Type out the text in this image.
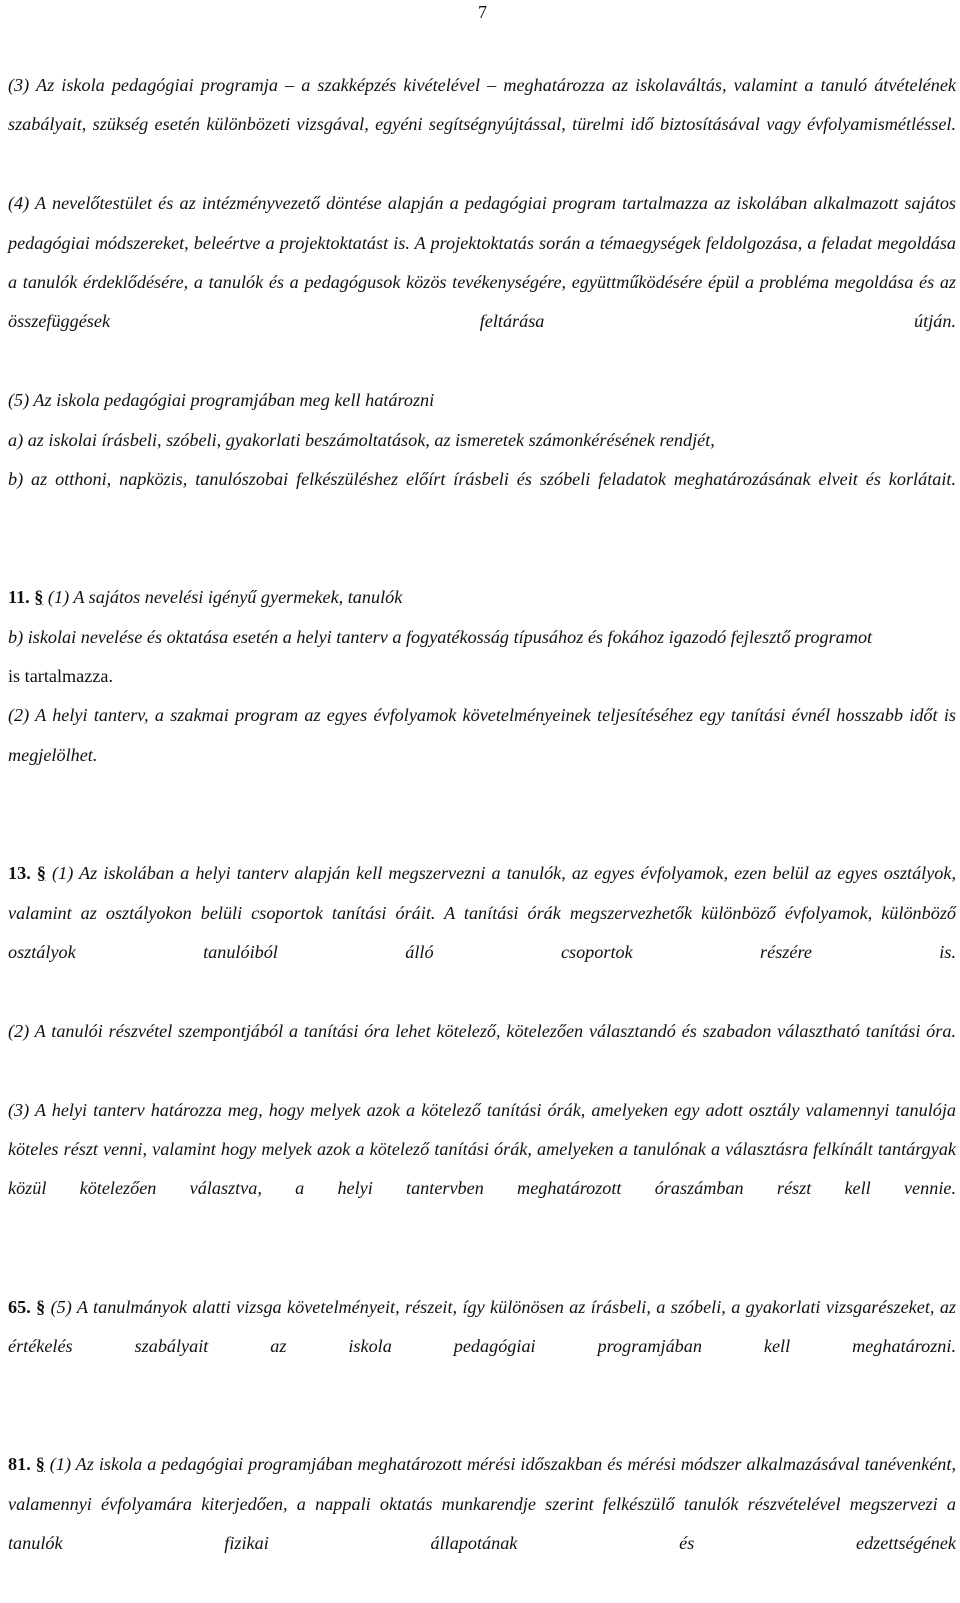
7

(3) Az iskola pedagógiai programja – a szakképzés kivételével – meghatározza az iskolaváltás, valamint a tanuló átvételének szabályait, szükség esetén különbözeti vizsgával, egyéni segítségnyújtással, türelmi idő biztosításával vagy évfolyamismétléssel.

(4) A nevelőtestület és az intézményvezető döntése alapján a pedagógiai program tartalmazza az iskolában alkalmazott sajátos pedagógiai módszereket, beleértve a projektoktatást is. A projektoktatás során a témaegységek feldolgozása, a feladat megoldása a tanulók érdeklődésére, a tanulók és a pedagógusok közös tevékenységére, együttműködésére épül a probléma megoldása és az összefüggések feltárása útján.

(5) Az iskola pedagógiai programjában meg kell határozni

a) az iskolai írásbeli, szóbeli, gyakorlati beszámoltatások, az ismeretek számonkérésének rendjét,

b) az otthoni, napközis, tanulószobai felkészüléshez előírt írásbeli és szóbeli feladatok meghatározásának elveit és korlátait.

11. § (1) A sajátos nevelési igényű gyermekek, tanulók

b) iskolai nevelése és oktatása esetén a helyi tanterv a fogyatékosság típusához és fokához igazodó fejlesztő programot

is tartalmazza.

(2) A helyi tanterv, a szakmai program az egyes évfolyamok követelményeinek teljesítéséhez egy tanítási évnél hosszabb időt is megjelölhet.

13. § (1) Az iskolában a helyi tanterv alapján kell megszervezni a tanulók, az egyes évfolyamok, ezen belül az egyes osztályok, valamint az osztályokon belüli csoportok tanítási óráit. A tanítási órák megszervezhetők különböző évfolyamok, különböző osztályok tanulóiból álló csoportok részére is.

(2) A tanulói részvétel szempontjából a tanítási óra lehet kötelező, kötelezően választandó és szabadon választható tanítási óra.

(3) A helyi tanterv határozza meg, hogy melyek azok a kötelező tanítási órák, amelyeken egy adott osztály valamennyi tanulója köteles részt venni, valamint hogy melyek azok a kötelező tanítási órák, amelyeken a tanulónak a választásra felkínált tantárgyak közül kötelezően választva, a helyi tantervben meghatározott óraszámban részt kell vennie.

65. § (5) A tanulmányok alatti vizsga követelményeit, részeit, így különösen az írásbeli, a szóbeli, a gyakorlati vizsgarészeket, az értékelés szabályait az iskola pedagógiai programjában kell meghatározni.

81. § (1) Az iskola a pedagógiai programjában meghatározott mérési időszakban és mérési módszer alkalmazásával tanévenként, valamennyi évfolyamára kiterjedően, a nappali oktatás munkarendje szerint felkészülő tanulók részvételével megszervezi a tanulók fizikai állapotának és edzettségének
